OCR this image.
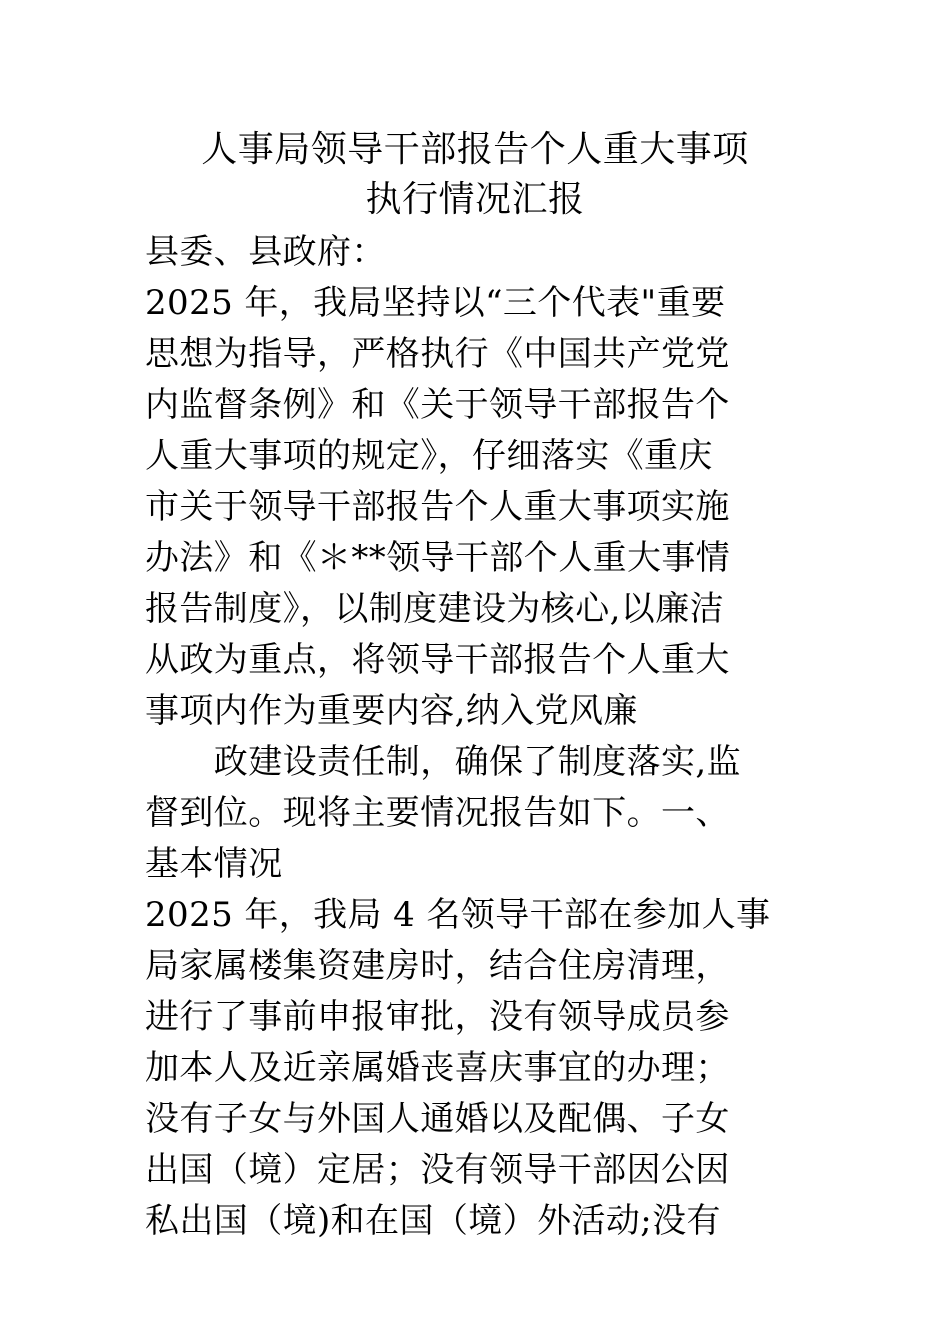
人事局领导干部报告个人重大事项
执行情况汇报
县委、县政府：
2025 年，我局坚持以“三个代表"重要
思想为指导，严格执行《中国共产党党
内监督条例》和《关于领导干部报告个
人重大事项的规定》，仔细落实《重庆
市关于领导干部报告个人重大事项实施
办法》和《＊**领导干部个人重大事情
报告制度》，以制度建设为核心,以廉洁
从政为重点，将领导干部报告个人重大
事项内作为重要内容,纳入党风廉
　　政建设责任制，确保了制度落实,监
督到位。现将主要情况报告如下。一、
基本情况
2025 年，我局 4 名领导干部在参加人事
局家属楼集资建房时，结合住房清理，
进行了事前申报审批，没有领导成员参
加本人及近亲属婚丧喜庆事宜的办理；
没有子女与外国人通婚以及配偶、子女
出国（境）定居；没有领导干部因公因
私出国（境)和在国（境）外活动;没有
